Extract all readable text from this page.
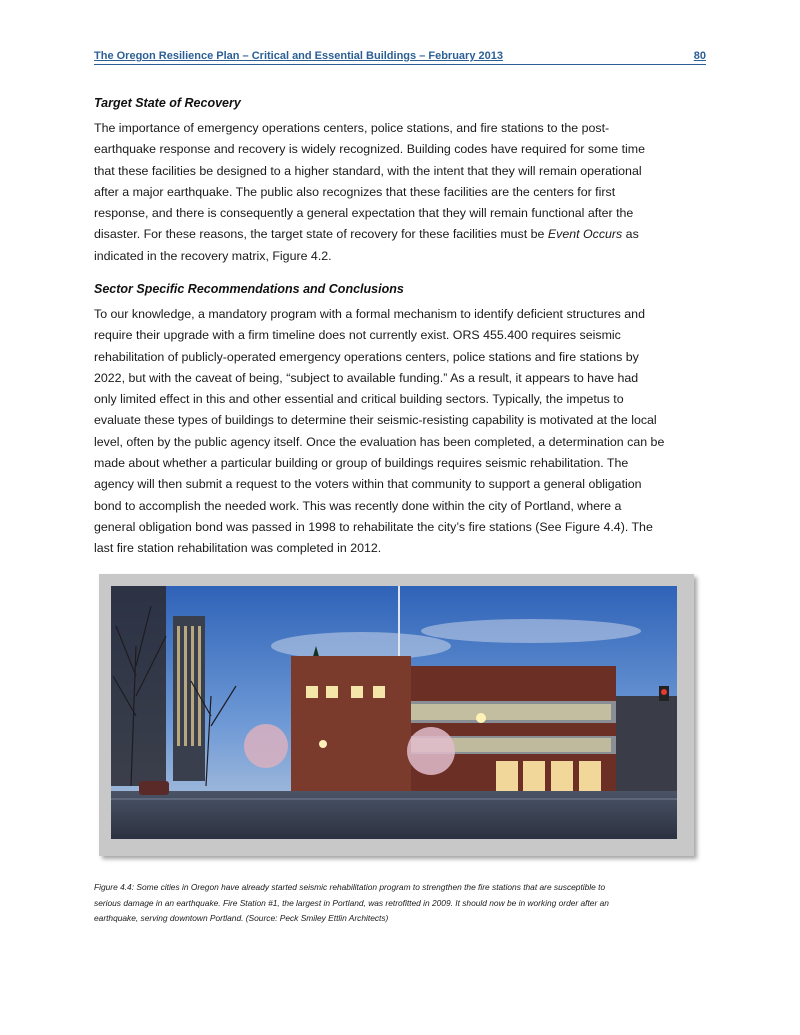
The Oregon Resilience Plan – Critical and Essential Buildings – February 2013	80
Target State of Recovery

The importance of emergency operations centers, police stations, and fire stations to the post-

earthquake response and recovery is widely recognized. Building codes have required for some time

that these facilities be designed to a higher standard, with the intent that they will remain operational

after a major earthquake. The public also recognizes that these facilities are the centers for first

response, and there is consequently a general expectation that they will remain functional after the

disaster. For these reasons, the target state of recovery for these facilities must be Event Occurs as

indicated in the recovery matrix, Figure 4.2.

Sector Specific Recommendations and Conclusions

To our knowledge, a mandatory program with a formal mechanism to identify deficient structures and

require their upgrade with a firm timeline does not currently exist. ORS 455.400 requires seismic

rehabilitation of publicly-operated emergency operations centers, police stations and fire stations by

2022, but with the caveat of being, “subject to available funding.” As a result, it appears to have had

only limited effect in this and other essential and critical building sectors. Typically, the impetus to

evaluate these types of buildings to determine their seismic-resisting capability is motivated at the local

level, often by the public agency itself. Once the evaluation has been completed, a determination can be

made about whether a particular building or group of buildings requires seismic rehabilitation. The

agency will then submit a request to the voters within that community to support a general obligation

bond to accomplish the needed work. This was recently done within the city of Portland, where a

general obligation bond was passed in 1998 to rehabilitate the city’s fire stations (See Figure 4.4). The

last fire station rehabilitation was completed in 2012.

Figure 4.4: Some cities in Oregon have already started seismic rehabilitation program to strengthen the fire stations that are susceptible to

serious damage in an earthquake. Fire Station #1, the largest in Portland, was retrofitted in 2009. It should now be in working order after an

earthquake, serving downtown Portland. (Source: Peck Smiley Ettlin Architects)
